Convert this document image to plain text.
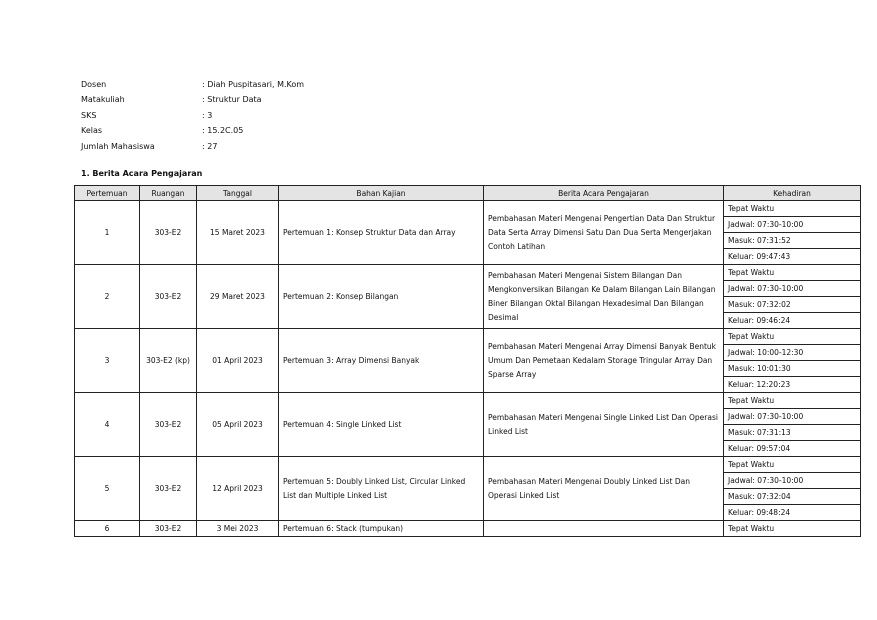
Dosen	: Diah Puspitasari, M.Kom
Matakuliah	: Struktur Data
SKS	: 3
Kelas	: 15.2C.05
Jumlah Mahasiswa	: 27
1. Berita Acara Pengajaran
Pertemuan	Ruangan	Tanggal	Bahan Kajian	Berita Acara Pengajaran	Kehadiran
1	303-E2	15 Maret 2023	Pertemuan 1: Konsep Struktur Data dan Array	Pembahasan Materi Mengenai Pengertian Data Dan Struktur Data Serta Array Dimensi Satu Dan Dua Serta Mengerjakan Contoh Latihan	Tepat Waktu
					Jadwal: 07:30-10:00
					Masuk: 07:31:52
					Keluar: 09:47:43
2	303-E2	29 Maret 2023	Pertemuan 2: Konsep Bilangan	Pembahasan Materi Mengenai Sistem Bilangan Dan Mengkonversikan Bilangan Ke Dalam Bilangan Lain Bilangan Biner Bilangan Oktal Bilangan Hexadesimal Dan Bilangan Desimal	Tepat Waktu
					Jadwal: 07:30-10:00
					Masuk: 07:32:02
					Keluar: 09:46:24
3	303-E2 (kp)	01 April 2023	Pertemuan 3: Array Dimensi Banyak	Pembahasan Materi Mengenai Array Dimensi Banyak Bentuk Umum Dan Pemetaan Kedalam Storage Tringular Array Dan Sparse Array	Tepat Waktu
					Jadwal: 10:00-12:30
					Masuk: 10:01:30
					Keluar: 12:20:23
4	303-E2	05 April 2023	Pertemuan 4: Single Linked List	Pembahasan Materi Mengenai Single Linked List Dan Operasi Linked List	Tepat Waktu
					Jadwal: 07:30-10:00
					Masuk: 07:31:13
					Keluar: 09:57:04
5	303-E2	12 April 2023	Pertemuan 5: Doubly Linked List, Circular Linked List dan Multiple Linked List	Pembahasan Materi Mengenai Doubly Linked List Dan Operasi Linked List	Tepat Waktu
					Jadwal: 07:30-10:00
					Masuk: 07:32:04
					Keluar: 09:48:24
6	303-E2	3 Mei 2023	Pertemuan 6: Stack (tumpukan)		Tepat Waktu
